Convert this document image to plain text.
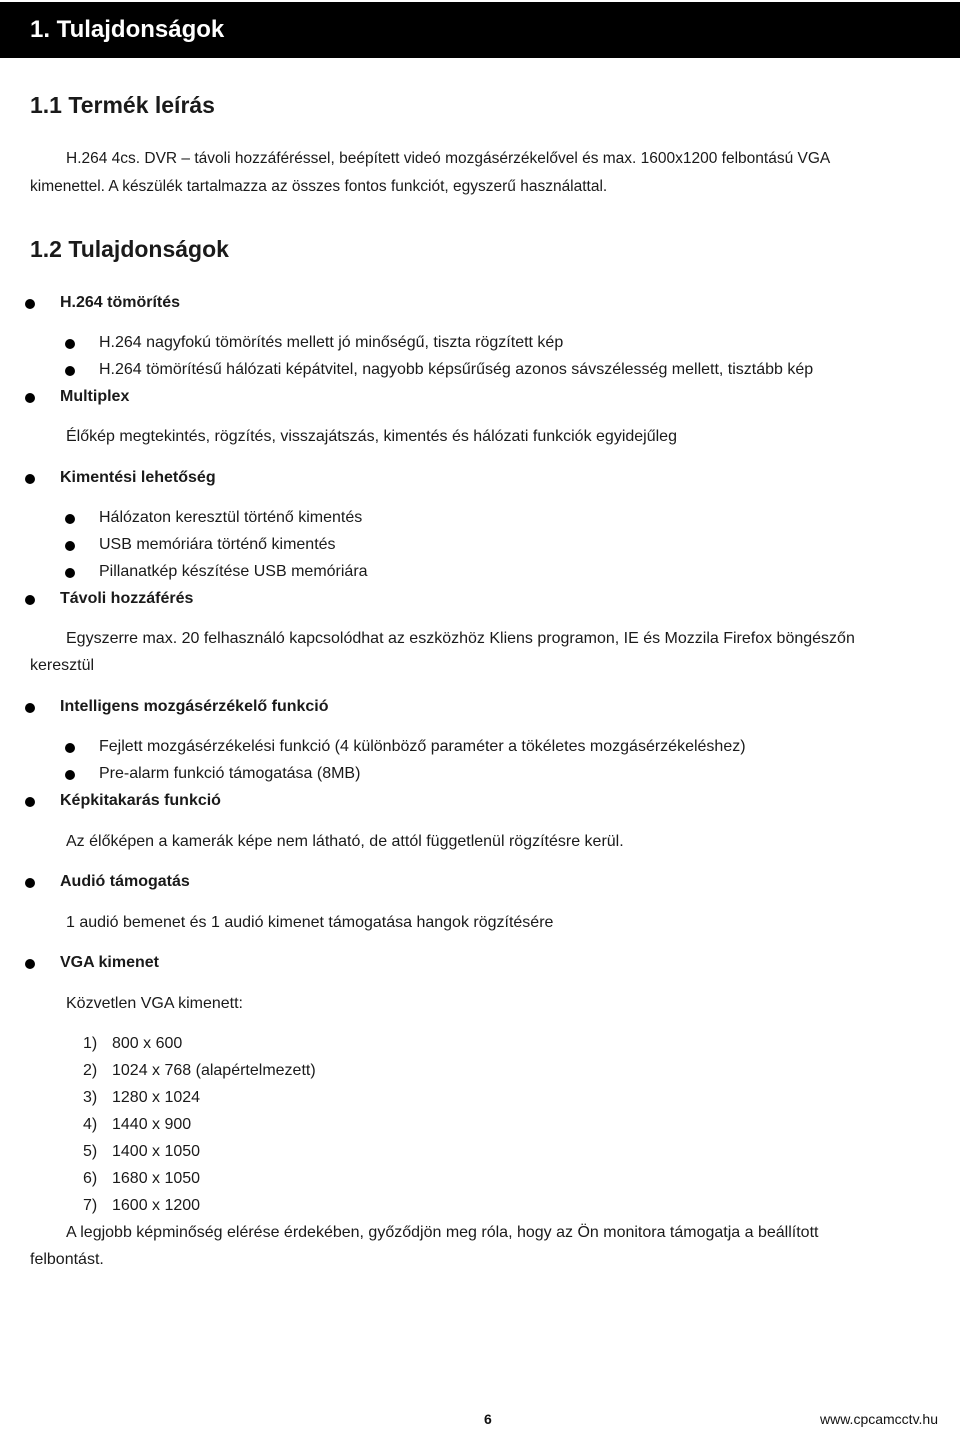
1. Tulajdonságok
1.1 Termék leírás
H.264 4cs. DVR – távoli hozzáféréssel, beépített videó mozgásérzékelővel és max. 1600x1200 felbontású VGA
kimenettel. A készülék tartalmazza az összes fontos funkciót, egyszerű használattal.
1.2 Tulajdonságok
H.264 tömörítés
H.264 nagyfokú tömörítés mellett jó minőségű, tiszta rögzített kép
H.264 tömörítésű hálózati képátvitel, nagyobb képsűrűség azonos sávszélesség mellett, tisztább kép
Multiplex
Élőkép megtekintés, rögzítés, visszajátszás, kimentés és hálózati funkciók egyidejűleg
Kimentési lehetőség
Hálózaton keresztül történő kimentés
USB memóriára történő kimentés
Pillanatkép készítése USB memóriára
Távoli hozzáférés
Egyszerre max. 20 felhasználó kapcsolódhat az eszközhöz Kliens programon, IE és Mozzila Firefox böngészőn
keresztül
Intelligens mozgásérzékelő funkció
Fejlett mozgásérzékelési funkció (4 különböző paraméter a tökéletes mozgásérzékeléshez)
Pre-alarm funkció támogatása (8MB)
Képkitakarás funkció
Az élőképen a kamerák képe nem látható, de attól függetlenül rögzítésre kerül.
Audió támogatás
1 audió bemenet és 1 audió kimenet támogatása hangok rögzítésére
VGA kimenet
Közvetlen VGA kimenett:
1) 800 x 600
2) 1024 x 768 (alapértelmezett)
3) 1280 x 1024
4) 1440 x 900
5) 1400 x 1050
6) 1680 x 1050
7) 1600 x 1200
A legjobb képminőség elérése érdekében, győződjön meg róla, hogy az Ön monitora támogatja a beállított
felbontást.
6	www.cpcamcctv.hu
